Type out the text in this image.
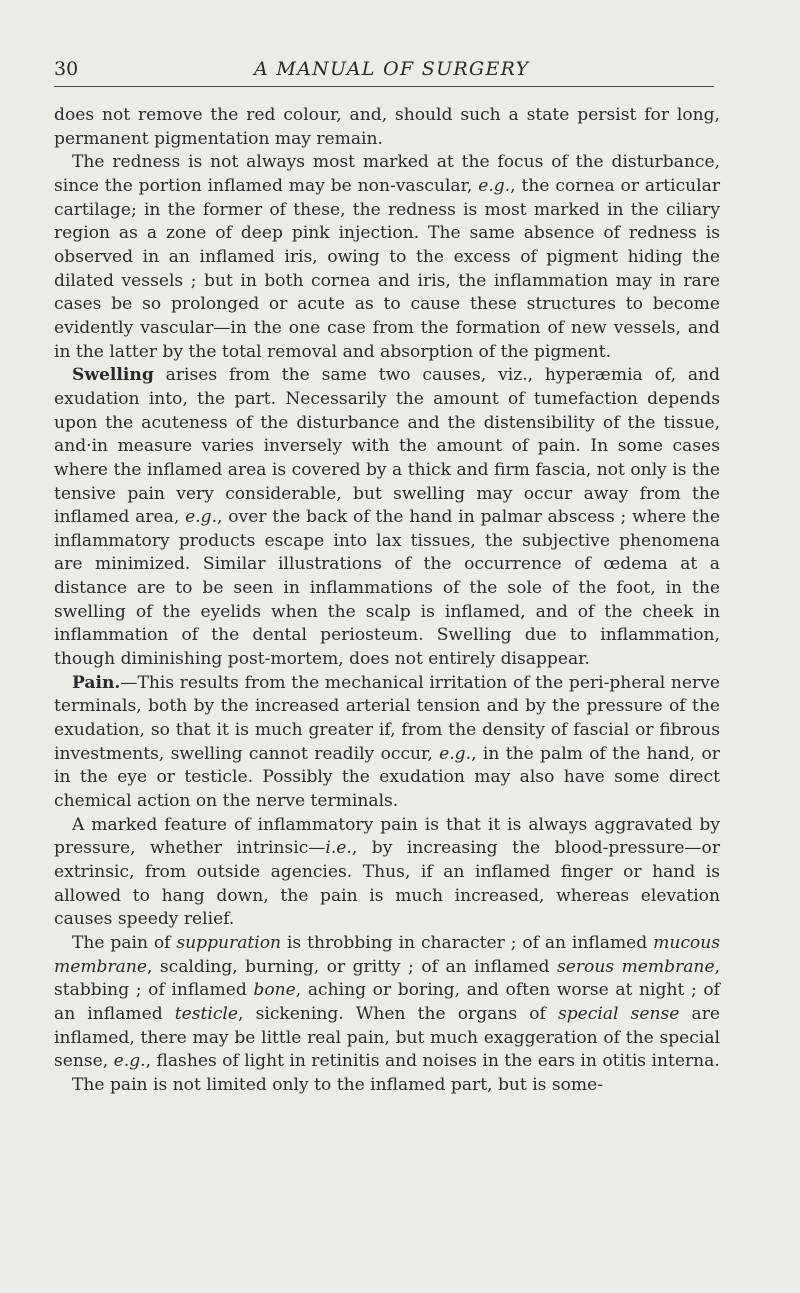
30	A MANUAL OF SURGERY

does not remove the red colour, and, should such a state persist for long, permanent pigmentation may remain.

The redness is not always most marked at the focus of the disturbance, since the portion inflamed may be non-vascular, e.g., the cornea or articular cartilage; in the former of these, the redness is most marked in the ciliary region as a zone of deep pink injection. The same absence of redness is observed in an inflamed iris, owing to the excess of pigment hiding the dilated vessels ; but in both cornea and iris, the inflammation may in rare cases be so prolonged or acute as to cause these structures to become evidently vascular—in the one case from the formation of new vessels, and in the latter by the total removal and absorption of the pigment.

Swelling arises from the same two causes, viz., hyperæmia of, and exudation into, the part. Necessarily the amount of tumefaction depends upon the acuteness of the disturbance and the distensibility of the tissue, and·in measure varies inversely with the amount of pain. In some cases where the inflamed area is covered by a thick and firm fascia, not only is the tensive pain very considerable, but swelling may occur away from the inflamed area, e.g., over the back of the hand in palmar abscess ; where the inflammatory products escape into lax tissues, the subjective phenomena are minimized. Similar illustrations of the occurrence of œdema at a distance are to be seen in inflammations of the sole of the foot, in the swelling of the eyelids when the scalp is inflamed, and of the cheek in inflammation of the dental periosteum. Swelling due to inflammation, though diminishing post-mortem, does not entirely disappear.

Pain.—This results from the mechanical irritation of the peri-pheral nerve terminals, both by the increased arterial tension and by the pressure of the exudation, so that it is much greater if, from the density of fascial or fibrous investments, swelling cannot readily occur, e.g., in the palm of the hand, or in the eye or testicle. Possibly the exudation may also have some direct chemical action on the nerve terminals.

A marked feature of inflammatory pain is that it is always aggravated by pressure, whether intrinsic—i.e., by increasing the blood-pressure—or extrinsic, from outside agencies. Thus, if an inflamed finger or hand is allowed to hang down, the pain is much increased, whereas elevation causes speedy relief.

The pain of suppuration is throbbing in character ; of an inflamed mucous membrane, scalding, burning, or gritty ; of an inflamed serous membrane, stabbing ; of inflamed bone, aching or boring, and often worse at night ; of an inflamed testicle, sickening. When the organs of special sense are inflamed, there may be little real pain, but much exaggeration of the special sense, e.g., flashes of light in retinitis and noises in the ears in otitis interna.

The pain is not limited only to the inflamed part, but is some-
